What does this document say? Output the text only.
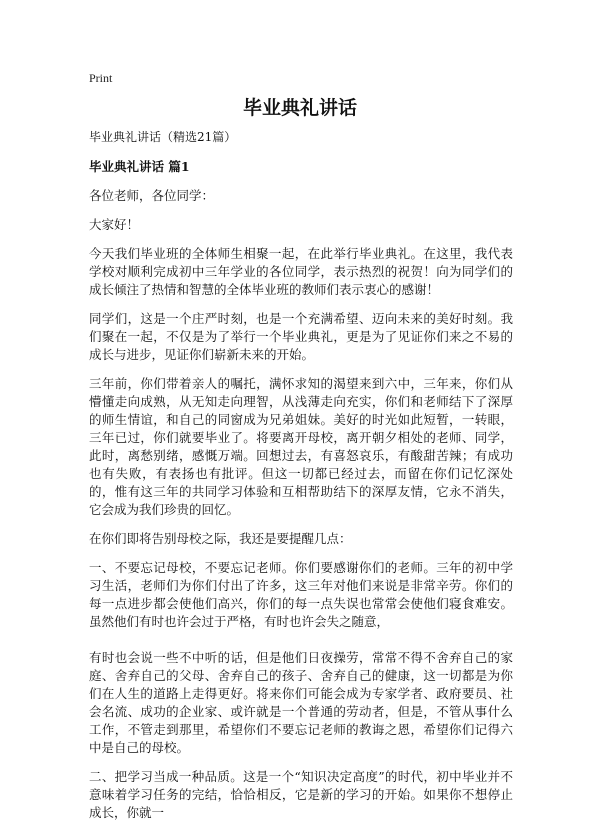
Print
毕业典礼讲话

毕业典礼讲话（精选21篇）

毕业典礼讲话 篇1

各位老师，各位同学：

大家好！

今天我们毕业班的全体师生相聚一起，在此举行毕业典礼。在这里，我代表学校对顺利完成初中三年学业的各位同学，表示热烈的祝贺！向为同学们的成长倾注了热情和智慧的全体毕业班的教师们表示衷心的感谢！

同学们，这是一个庄严时刻，也是一个充满希望、迈向未来的美好时刻。我们聚在一起，不仅是为了举行一个毕业典礼，更是为了见证你们来之不易的成长与进步，见证你们崭新未来的开始。

三年前，你们带着亲人的嘱托，满怀求知的渴望来到六中，三年来，你们从懵懂走向成熟，从无知走向理智，从浅薄走向充实，你们和老师结下了深厚的师生情谊，和自己的同窗成为兄弟姐妹。美好的时光如此短暂，一转眼，三年已过，你们就要毕业了。将要离开母校，离开朝夕相处的老师、同学，此时，离愁别绪，感慨万端。回想过去，有喜怒哀乐，有酸甜苦辣；有成功也有失败，有表扬也有批评。但这一切都已经过去，而留在你们记忆深处的，惟有这三年的共同学习体验和互相帮助结下的深厚友情，它永不消失，它会成为我们珍贵的回忆。

在你们即将告别母校之际，我还是要提醒几点：

一、不要忘记母校，不要忘记老师。你们要感谢你们的老师。三年的初中学习生活，老师们为你们付出了许多，这三年对他们来说是非常辛劳。你们的每一点进步都会使他们高兴，你们的每一点失误也常常会使他们寝食难安。虽然他们有时也许会过于严格，有时也许会失之随意，

有时也会说一些不中听的话，但是他们日夜操劳，常常不得不舍弃自己的家庭、舍弃自己的父母、舍弃自己的孩子、舍弃自己的健康，这一切都是为你们在人生的道路上走得更好。将来你们可能会成为专家学者、政府要员、社会名流、成功的企业家、或许就是一个普通的劳动者，但是，不管从事什么工作，不管走到那里，希望你们不要忘记老师的教诲之恩，希望你们记得六中是自己的母校。

二、把学习当成一种品质。这是一个“知识决定高度”的时代，初中毕业并不意味着学习任务的完结，恰恰相反，它是新的学习的开始。如果你不想停止成长，你就一
